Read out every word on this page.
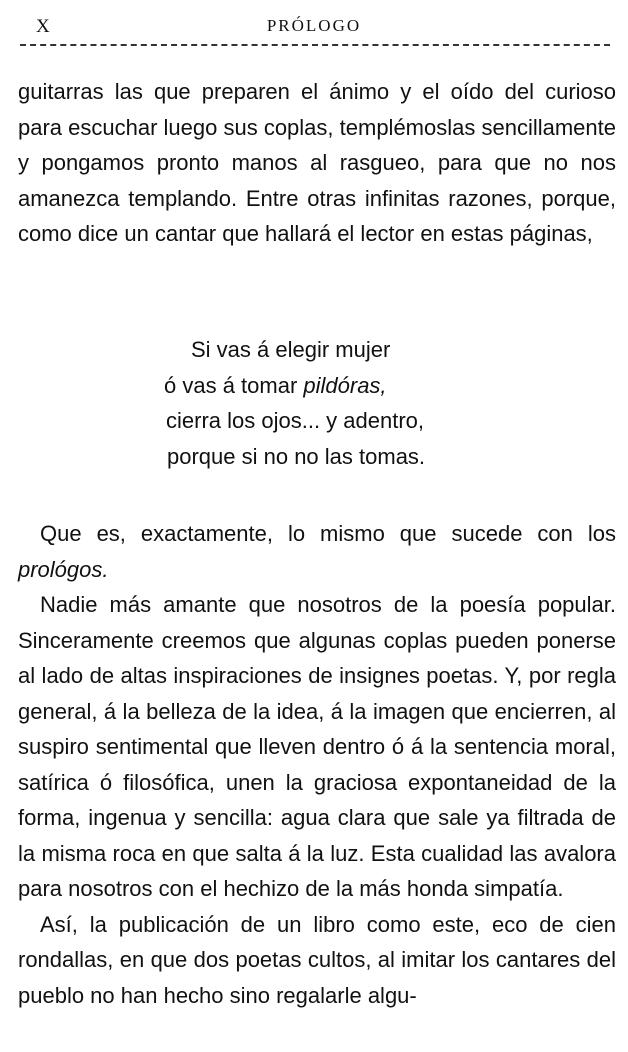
X	PRÓLOGO

guitarras las que preparen el ánimo y el oído del curioso para escuchar luego sus coplas, templémoslas sencillamente y pongamos pronto manos al rasgueo, para que no nos amanezca templando. Entre otras infinitas razones, porque, como dice un cantar que hallará el lector en estas páginas,

Si vas á elegir mujer
ó vas á tomar pildóras,
cierra los ojos... y adentro,
porque si no no las tomas.

Que es, exactamente, lo mismo que sucede con los prológos.

Nadie más amante que nosotros de la poesía popular. Sinceramente creemos que algunas coplas pueden ponerse al lado de altas inspiraciones de insignes poetas. Y, por regla general, á la belleza de la idea, á la imagen que encierren, al suspiro sentimental que lleven dentro ó á la sentencia moral, satírica ó filosófica, unen la graciosa expontaneidad de la forma, ingenua y sencilla: agua clara que sale ya filtrada de la misma roca en que salta á la luz. Esta cualidad las avalora para nosotros con el hechizo de la más honda simpatía.

Así, la publicación de un libro como este, eco de cien rondallas, en que dos poetas cultos, al imitar los cantares del pueblo no han hecho sino regalarle algu-
